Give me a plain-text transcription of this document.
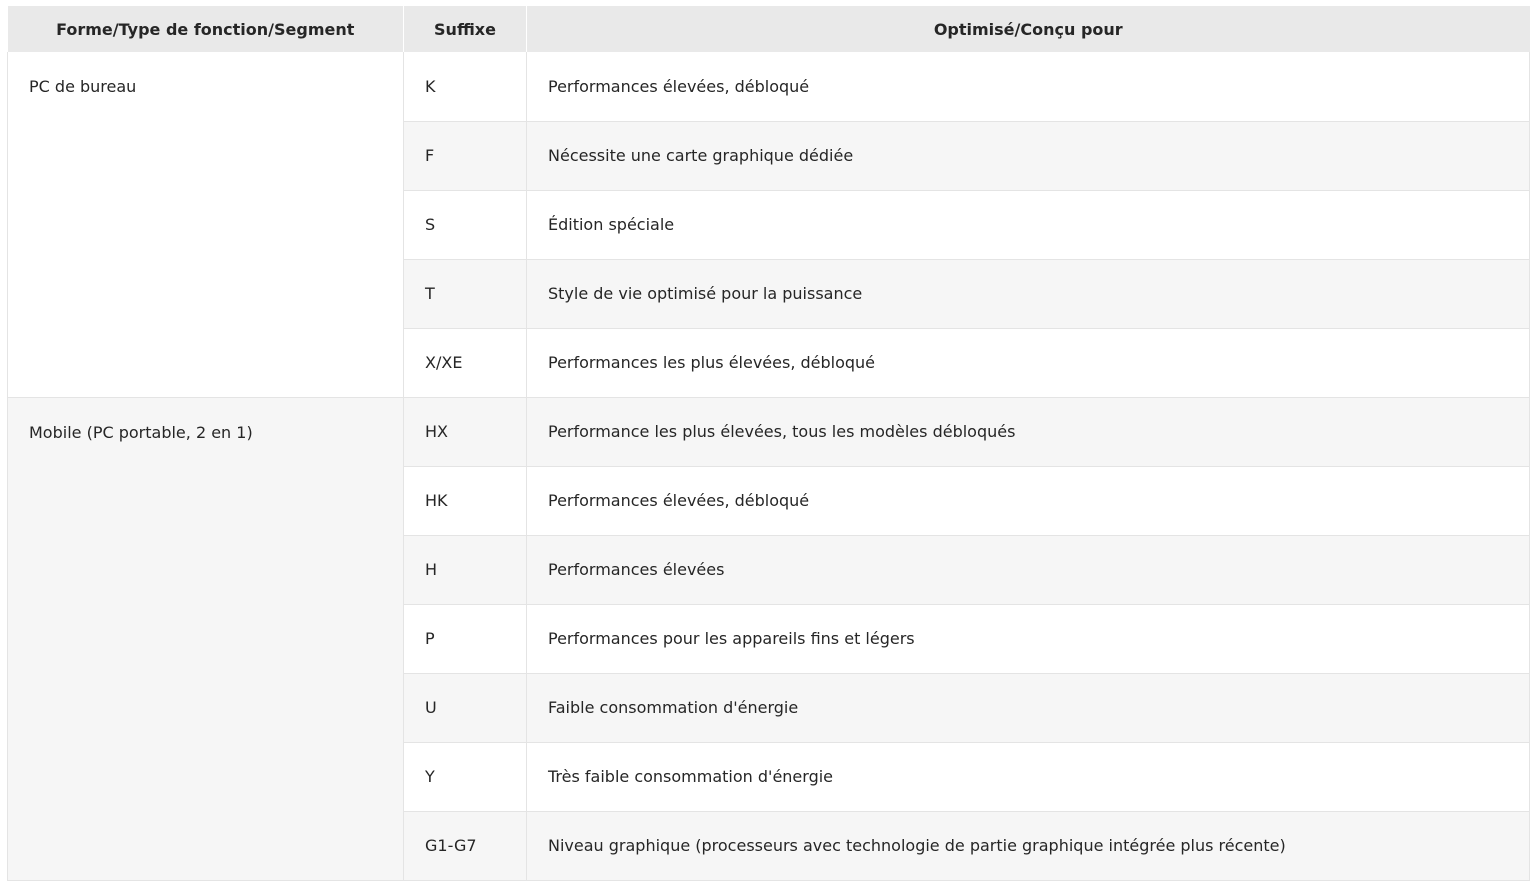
Forme/Type de fonction/Segment	Suffixe	Optimisé/Conçu pour
PC de bureau	K	Performances élevées, débloqué
	F	Nécessite une carte graphique dédiée
	S	Édition spéciale
	T	Style de vie optimisé pour la puissance
	X/XE	Performances les plus élevées, débloqué
Mobile (PC portable, 2 en 1)	HX	Performance les plus élevées, tous les modèles débloqués
	HK	Performances élevées, débloqué
	H	Performances élevées
	P	Performances pour les appareils fins et légers
	U	Faible consommation d'énergie
	Y	Très faible consommation d'énergie
	G1-G7	Niveau graphique (processeurs avec technologie de partie graphique intégrée plus récente)
